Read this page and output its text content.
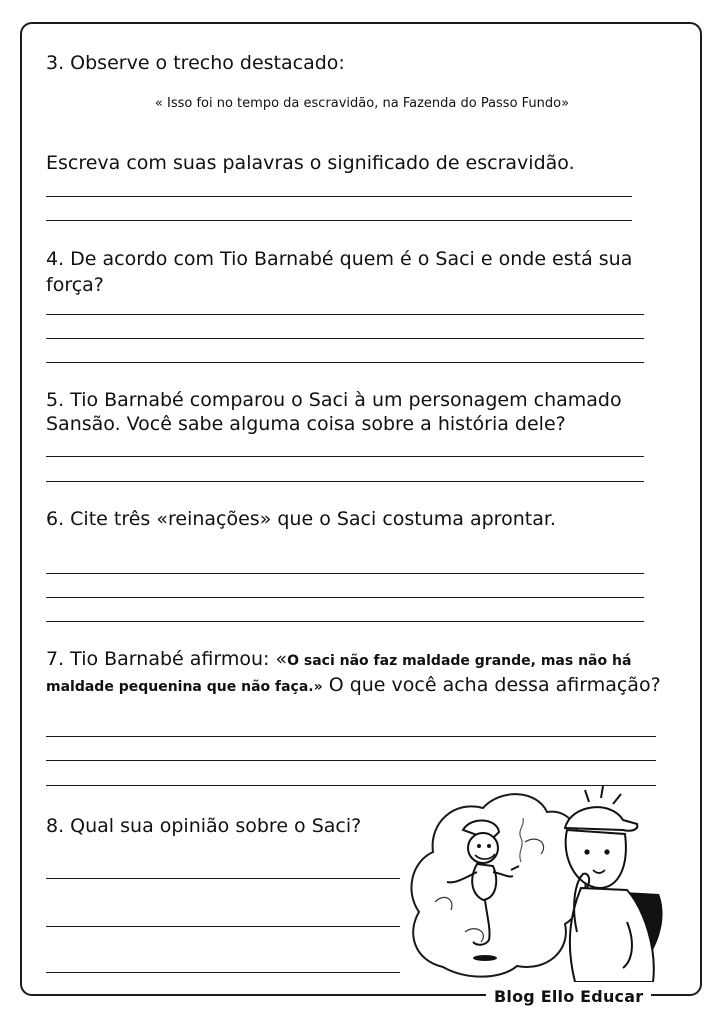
3. Observe o trecho destacado:

« Isso foi no tempo da escravidão, na Fazenda do Passo Fundo»

Escreva com suas palavras o significado de escravidão.

4. De acordo com Tio Barnabé quem é o Saci e onde está sua

força?

5. Tio Barnabé comparou o Saci à um personagem chamado

Sansão. Você sabe alguma coisa sobre a história dele?

6. Cite três «reinações» que o Saci costuma aprontar.

7. Tio Barnabé afirmou: «O saci não faz maldade grande, mas não há

maldade pequenina que não faça.» O que você acha dessa afirmação?

8. Qual sua opinião sobre o Saci?

Blog Ello Educar
